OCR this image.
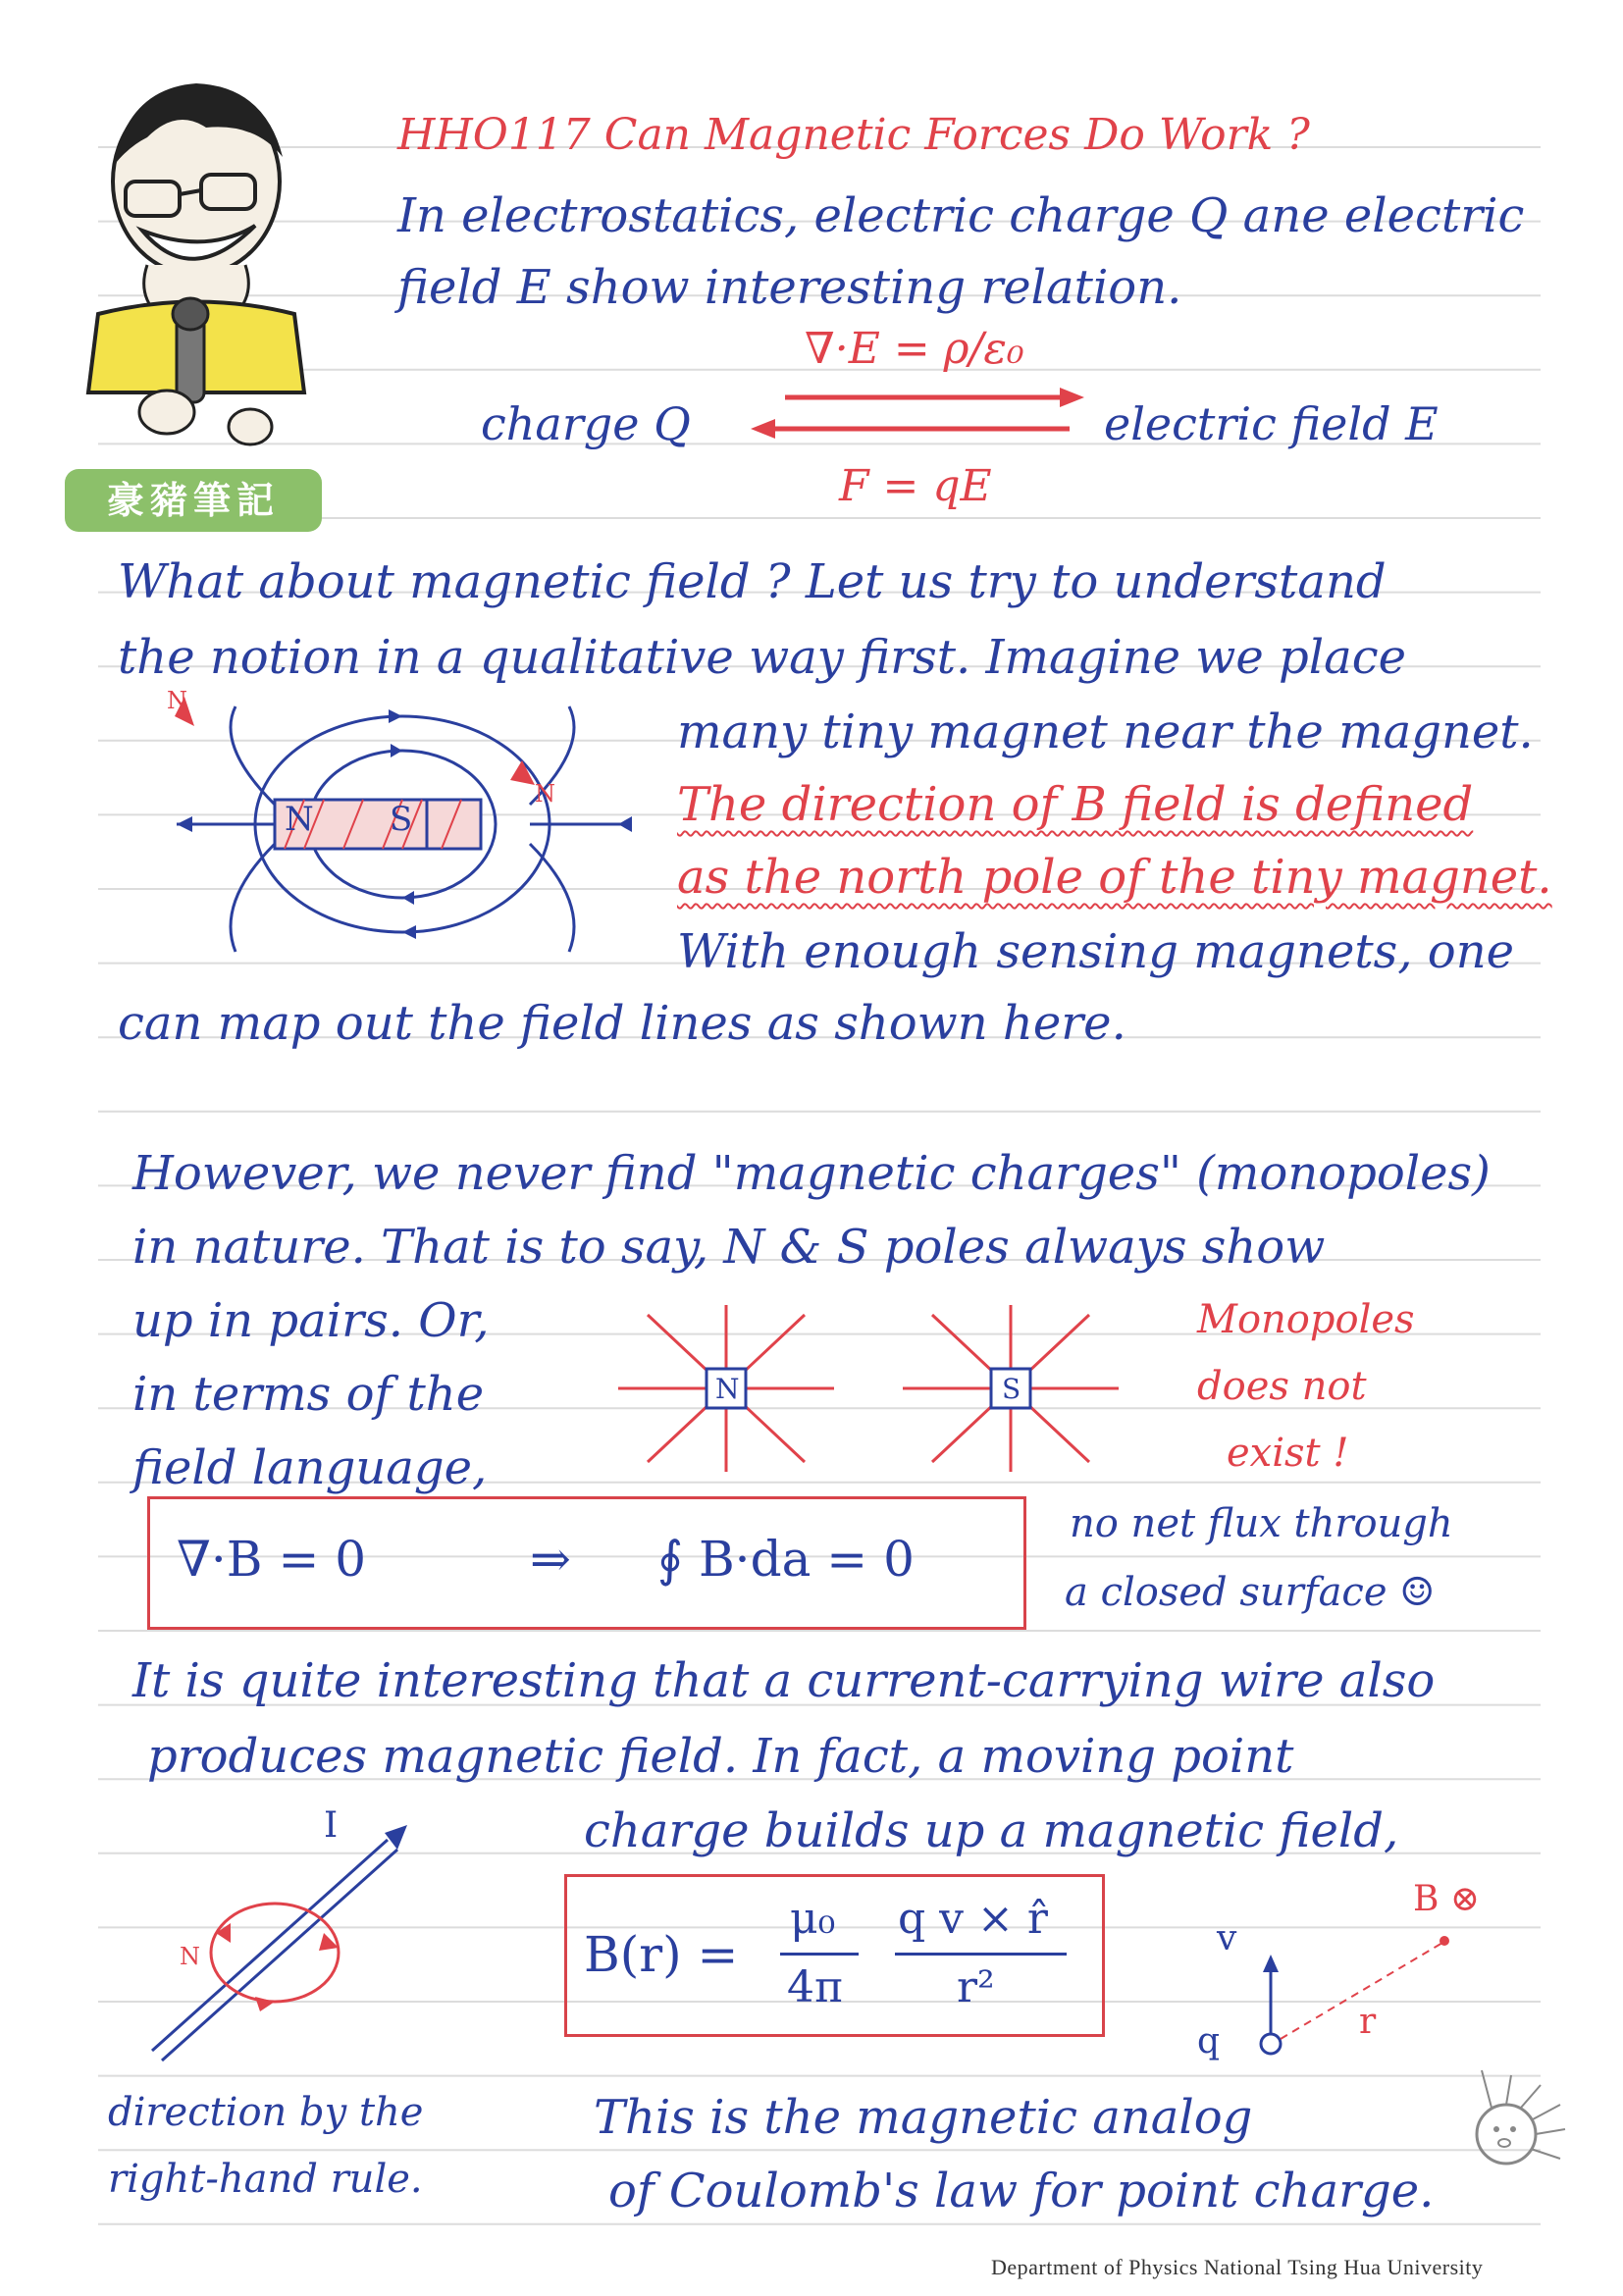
豪豬筆記
HHO117 Can Magnetic Forces Do Work ?
In electrostatics, electric charge Q ane electric
field E show interesting relation.
∇·E = ρ/ε₀
charge Q	electric field E
F = qE
What about magnetic field ? Let us try to understand
the notion in a qualitative way first. Imagine we place
N S
N
N
many tiny magnet near the magnet.
The direction of B field is defined
as the north pole of the tiny magnet.
With enough sensing magnets, one
can map out the field lines as shown here.
However, we never find "magnetic charges" (monopoles)
in nature. That is to say, N & S poles always show
up in pairs. Or,
in terms of the
field language,
N	S
Monopoles
does not
exist !
∇·B = 0	⇒ ∮ B·da = 0
no net flux through
a closed surface ☺
It is quite interesting that a current-carrying wire also
produces magnetic field. In fact, a moving point
charge builds up a magnetic field,
I
N	B(r) =
μ₀
4π
q v × r̂
r²
v
B ⊗
q	r
direction by the
right-hand rule.
This is the magnetic analog
of Coulomb's law for point charge.
Department of Physics National Tsing Hua University
